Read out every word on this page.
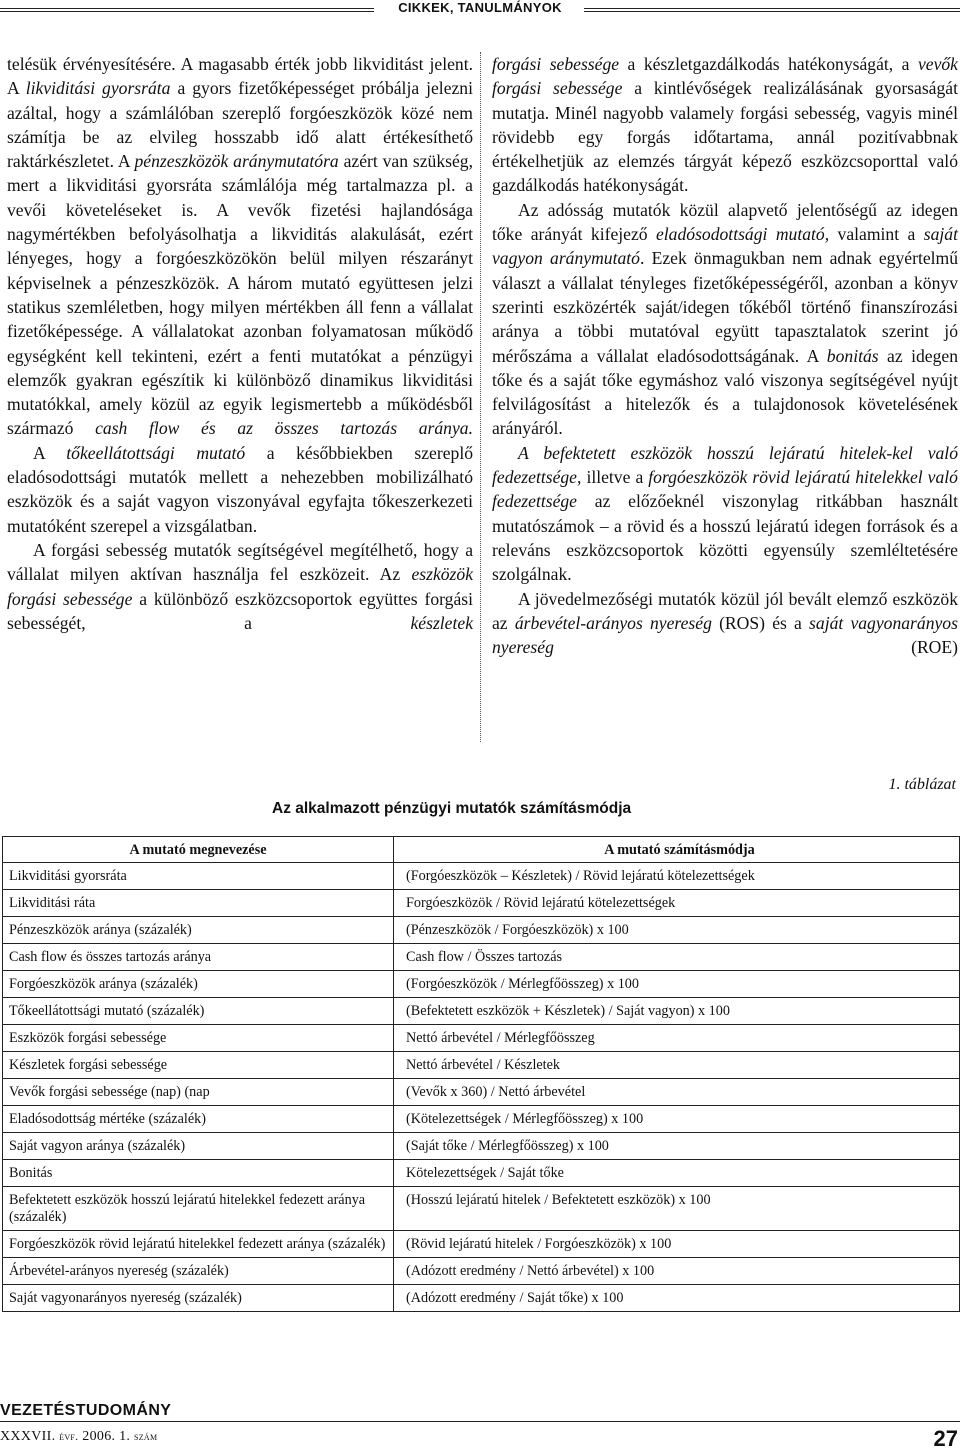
CIKKEK, TANULMÁNYOK

telésük érvényesítésére. A magasabb érték jobb likviditást jelent. A likviditási gyorsráta a gyors fizetőképességet próbálja jelezni azáltal, hogy a számlálóban szereplő forgóeszközök közé nem számítja be az elvileg hosszabb idő alatt értékesíthető raktárkészletet. A pénzeszközök aránymutatóra azért van szükség, mert a likviditási gyorsráta számlálója még tartalmazza pl. a vevői követeléseket is. A vevők fizetési hajlandósága nagymértékben befolyásolhatja a likviditás alakulását, ezért lényeges, hogy a forgóeszközökön belül milyen részarányt képviselnek a pénzeszközök. A három mutató együttesen jelzi statikus szemléletben, hogy milyen mértékben áll fenn a vállalat fizetőképessége. A vállalatokat azonban folyamatosan működő egységként kell tekinteni, ezért a fenti mutatókat a pénzügyi elemzők gyakran egészítik ki különböző dinamikus likviditási mutatókkal, amely közül az egyik legismertebb a működésből származó cash flow és az összes tartozás aránya.

A tőkeellátottsági mutató a későbbiekben szereplő eladósodottsági mutatók mellett a nehezebben mobilizálható eszközök és a saját vagyon viszonyával egyfajta tőkeszerkezeti mutatóként szerepel a vizsgálatban.

A forgási sebesség mutatók segítségével megítélhető, hogy a vállalat milyen aktívan használja fel eszközeit. Az eszközök forgási sebessége a különböző eszközcsoportok együttes forgási sebességét, a készletek

forgási sebessége a készletgazdálkodás hatékonyságát, a vevők forgási sebessége a kintlévőségek realizálásának gyorsaságát mutatja. Minél nagyobb valamely forgási sebesség, vagyis minél rövidebb egy forgás időtartama, annál pozitívabbnak értékelhetjük az elemzés tárgyát képező eszközcsoporttal való gazdálkodás hatékonyságát.

Az adósság mutatók közül alapvető jelentőségű az idegen tőke arányát kifejező eladósodottsági mutató, valamint a saját vagyon aránymutató. Ezek önmagukban nem adnak egyértelmű választ a vállalat tényleges fizetőképességéről, azonban a könyv szerinti eszközérték saját/idegen tőkéből történő finanszírozási aránya a többi mutatóval együtt tapasztalatok szerint jó mérőszáma a vállalat eladósodottságának. A bonitás az idegen tőke és a saját tőke egymáshoz való viszonya segítségével nyújt felvilágosítást a hitelezők és a tulajdonosok követelésének arányáról.

A befektetett eszközök hosszú lejáratú hitelek-kel való fedezettsége, illetve a forgóeszközök rövid lejáratú hitelekkel való fedezettsége az előzőeknél viszonylag ritkábban használt mutatószámok – a rövid és a hosszú lejáratú idegen források és a releváns eszközcsoportok közötti egyensúly szemléltetésére szolgálnak.

A jövedelmezőségi mutatók közül jól bevált elemző eszközök az árbevétel-arányos nyereség (ROS) és a saját vagyonarányos nyereség (ROE)

1. táblázat
Az alkalmazott pénzügyi mutatók számításmódja
A mutató megnevezése	A mutató számításmódja
Likviditási gyorsráta	(Forgóeszközök – Készletek) / Rövid lejáratú kötelezettségek
Likviditási ráta	Forgóeszközök / Rövid lejáratú kötelezettségek
Pénzeszközök aránya (százalék)	(Pénzeszközök / Forgóeszközök) x 100
Cash flow és összes tartozás aránya	Cash flow / Összes tartozás
Forgóeszközök aránya (százalék)	(Forgóeszközök / Mérlegfőösszeg) x 100
Tőkeellátottsági mutató (százalék)	(Befektetett eszközök + Készletek) / Saját vagyon) x 100
Eszközök forgási sebessége	Nettó árbevétel / Mérlegfőösszeg
Készletek forgási sebessége	Nettó árbevétel / Készletek
Vevők forgási sebessége (nap) (nap	(Vevők x 360) / Nettó árbevétel
Eladósodottság mértéke (százalék)	(Kötelezettségek / Mérlegfőösszeg) x 100
Saját vagyon aránya (százalék)	(Saját tőke / Mérlegfőösszeg) x 100
Bonitás	Kötelezettségek / Saját tőke
Befektetett eszközök hosszú lejáratú hitelekkel fedezett aránya (százalék)	(Hosszú lejáratú hitelek / Befektetett eszközök) x 100
Forgóeszközök rövid lejáratú hitelekkel fedezett aránya (százalék)	(Rövid lejáratú hitelek / Forgóeszközök) x 100
Árbevétel-arányos nyereség (százalék)	(Adózott eredmény / Nettó árbevétel) x 100
Saját vagyonarányos nyereség (százalék)	(Adózott eredmény / Saját tőke) x 100
VEZETÉSTUDOMÁNY
XXXVII. évf. 2006. 1. szám	27
